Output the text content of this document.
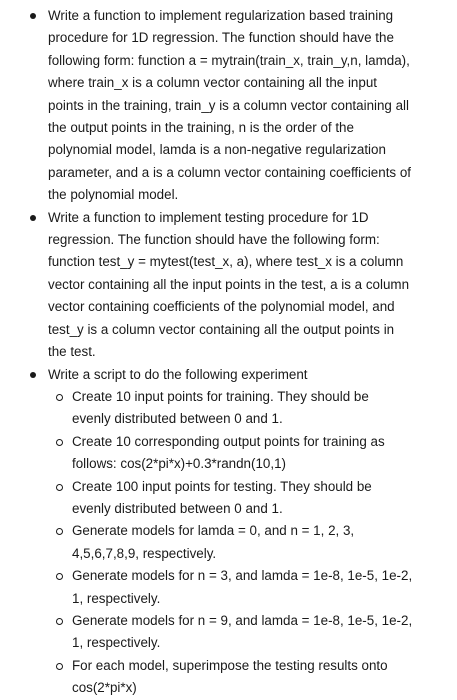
Write a function to implement regularization based training
procedure for 1D regression. The function should have the
following form: function a = mytrain(train_x, train_y,n, lamda),
where train_x is a column vector containing all the input
points in the training, train_y is a column vector containing all
the output points in the training, n is the order of the
polynomial model, lamda is a non-negative regularization
parameter, and a is a column vector containing coefficients of
the polynomial model.
Write a function to implement testing procedure for 1D
regression. The function should have the following form:
function test_y = mytest(test_x, a), where test_x is a column
vector containing all the input points in the test, a is a column
vector containing coefficients of the polynomial model, and
test_y is a column vector containing all the output points in
the test.
Write a script to do the following experiment
Create 10 input points for training. They should be
evenly distributed between 0 and 1.
Create 10 corresponding output points for training as
follows: cos(2*pi*x)+0.3*randn(10,1)
Create 100 input points for testing. They should be
evenly distributed between 0 and 1.
Generate models for lamda = 0, and n = 1, 2, 3,
4,5,6,7,8,9, respectively.
Generate models for n = 3, and lamda = 1e-8, 1e-5, 1e-2,
1, respectively.
Generate models for n = 9, and lamda = 1e-8, 1e-5, 1e-2,
1, respectively.
For each model, superimpose the testing results onto
cos(2*pi*x)
